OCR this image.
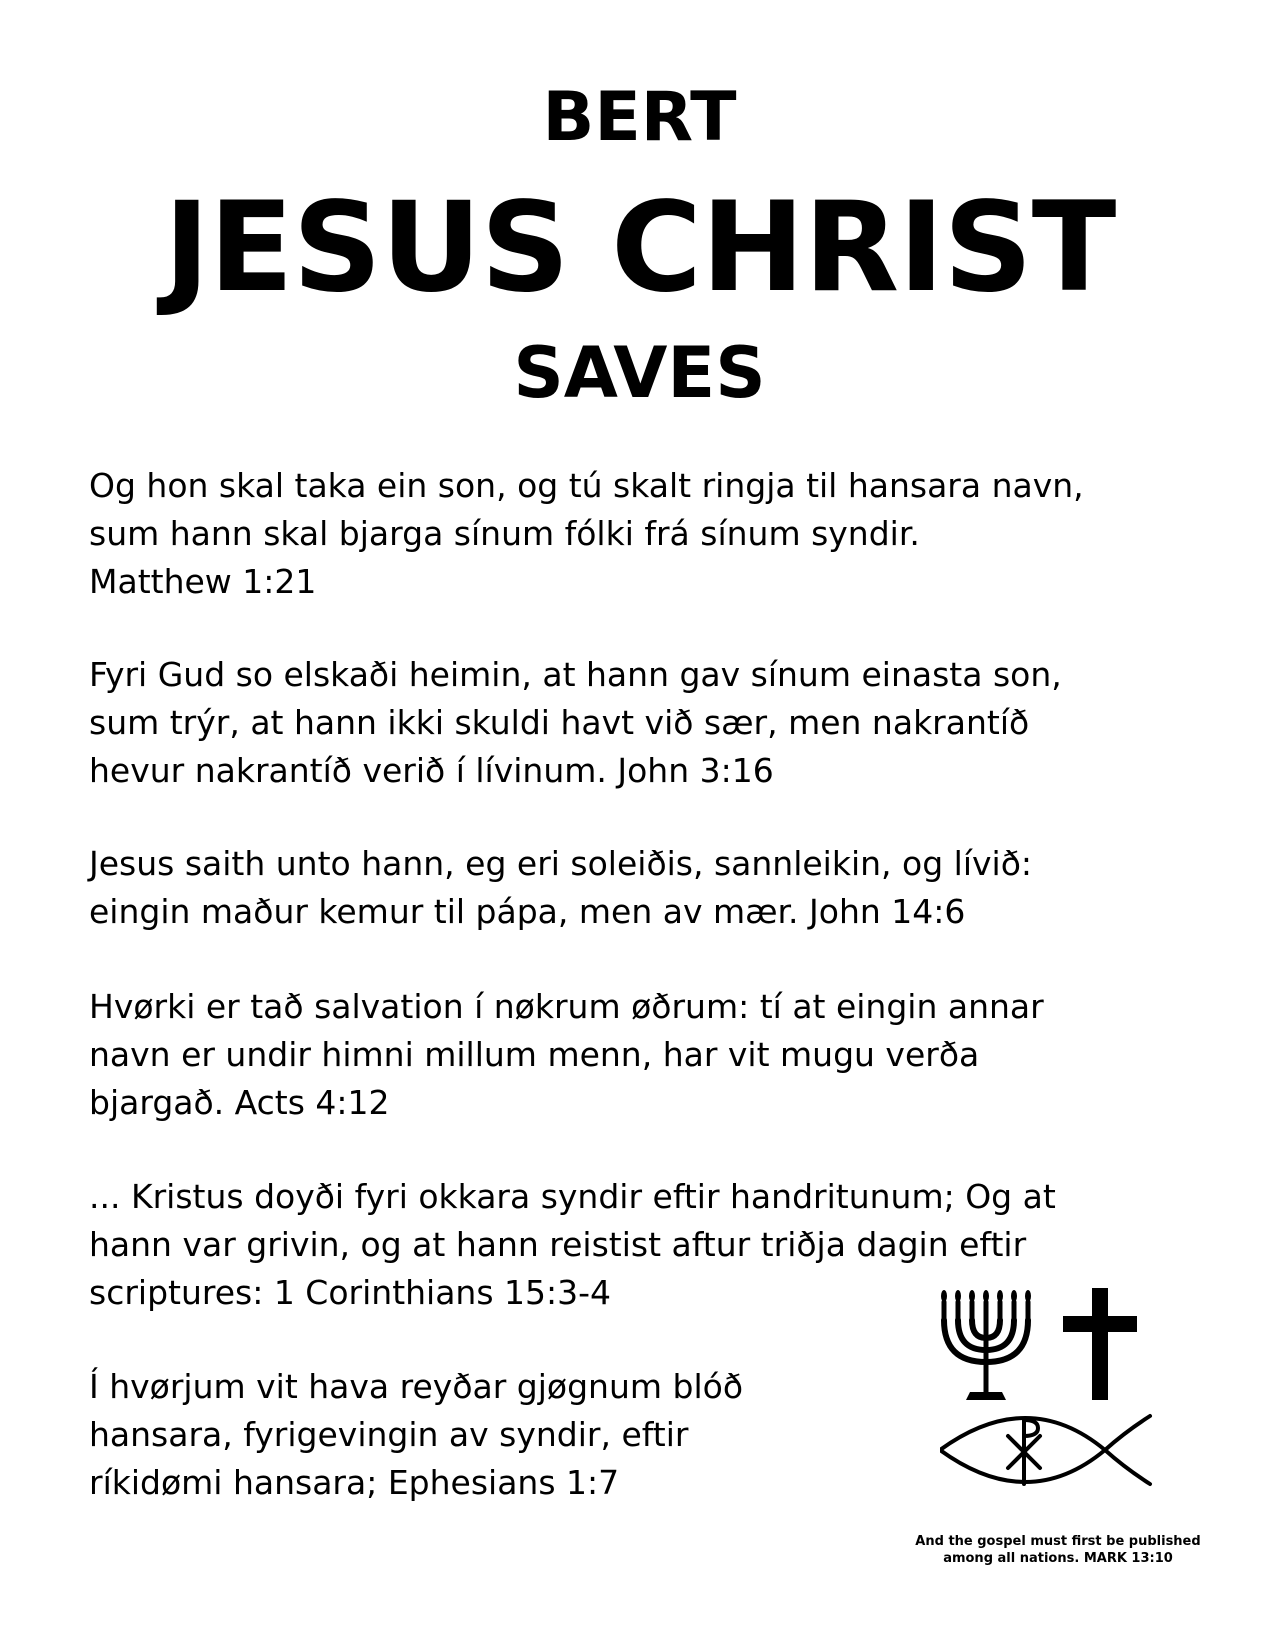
BERT
JESUS CHRIST
SAVES
Og hon skal taka ein son, og tú skalt ringja til hansara navn,
sum hann skal bjarga sínum fólki frá sínum syndir.
Matthew 1:21
Fyri Gud so elskaði heimin, at hann gav sínum einasta son,
sum trýr, at hann ikki skuldi havt við sær, men nakrantíð
hevur nakrantíð verið í lívinum. John 3:16
Jesus saith unto hann, eg eri soleiðis, sannleikin, og lívið:
eingin maður kemur til pápa, men av mær. John 14:6
Hvørki er tað salvation í nøkrum øðrum: tí at eingin annar
navn er undir himni millum menn, har vit mugu verða
bjargað. Acts 4:12
... Kristus doyði fyri okkara syndir eftir handritunum; Og at
hann var grivin, og at hann reistist aftur triðja dagin eftir
scriptures: 1 Corinthians 15:3-4
Í hvørjum vit hava reyðar gjøgnum blóð
hansara, fyrigevingin av syndir, eftir
ríkidømi hansara; Ephesians 1:7
And the gospel must first be published
among all nations. MARK 13:10
